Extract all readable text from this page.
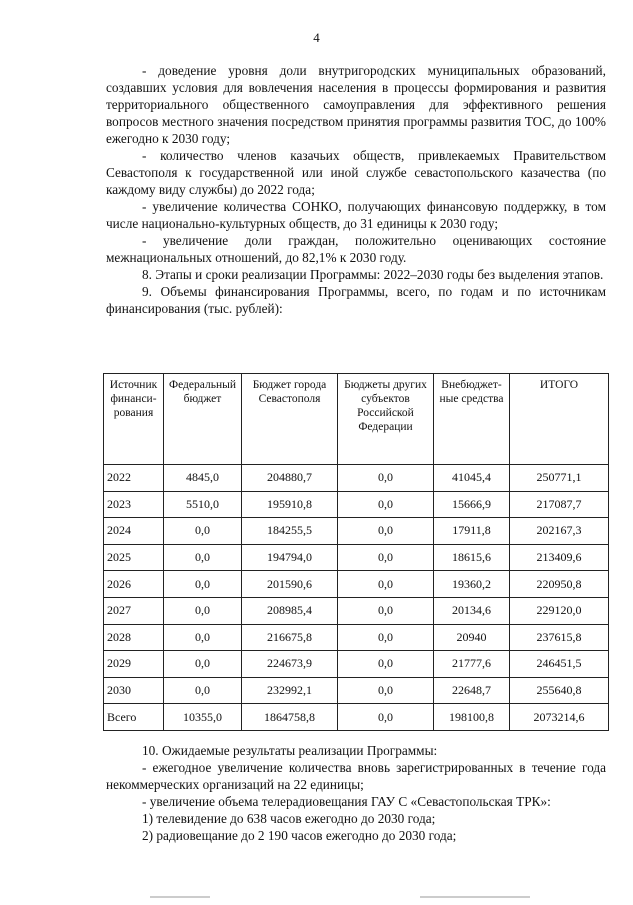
4

- доведение уровня доли внутригородских муниципальных образований, создавших условия для вовлечения населения в процессы формирования и развития территориального общественного самоуправления для эффективного решения вопросов местного значения посредством принятия программы развития ТОС, до 100% ежегодно к 2030 году;

- количество членов казачьих обществ, привлекаемых Правительством Севастополя к государственной или иной службе севастопольского казачества (по каждому виду службы) до 2022 года;

- увеличение количества СОНКО, получающих финансовую поддержку, в том числе национально-культурных обществ, до 31 единицы к 2030 году;

- увеличение доли граждан, положительно оценивающих состояние межнациональных отношений, до 82,1% к 2030 году.

8. Этапы и сроки реализации Программы: 2022–2030 годы без выделения этапов.

9. Объемы финансирования Программы, всего, по годам и по источникам финансирования (тыс. рублей):

Источник финанси-рования	Федеральный бюджет	Бюджет города Севастополя	Бюджеты других субъектов Российской Федерации	Внебюджет-ные средства	ИТОГО
2022	4845,0	204880,7	0,0	41045,4	250771,1
2023	5510,0	195910,8	0,0	15666,9	217087,7
2024	0,0	184255,5	0,0	17911,8	202167,3
2025	0,0	194794,0	0,0	18615,6	213409,6
2026	0,0	201590,6	0,0	19360,2	220950,8
2027	0,0	208985,4	0,0	20134,6	229120,0
2028	0,0	216675,8	0,0	20940	237615,8
2029	0,0	224673,9	0,0	21777,6	246451,5
2030	0,0	232992,1	0,0	22648,7	255640,8
Всего	10355,0	1864758,8	0,0	198100,8	2073214,6

10. Ожидаемые результаты реализации Программы:

- ежегодное увеличение количества вновь зарегистрированных в течение года некоммерческих организаций на 22 единицы;

- увеличение объема телерадиовещания ГАУ С «Севастопольская ТРК»:

1) телевидение до 638 часов ежегодно до 2030 года;

2) радиовещание до 2 190 часов ежегодно до 2030 года;
